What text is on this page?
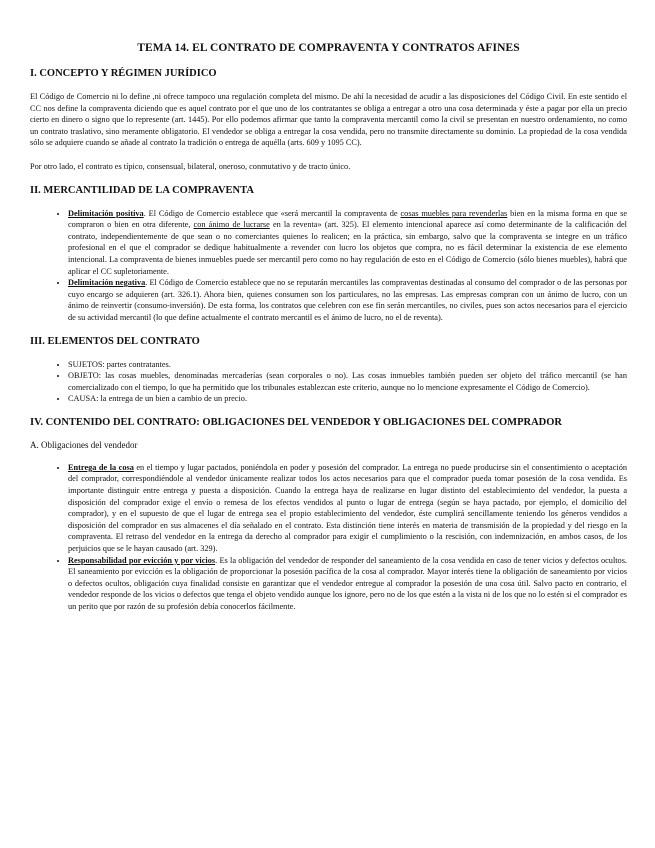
TEMA 14. EL CONTRATO DE COMPRAVENTA Y CONTRATOS AFINES
I. CONCEPTO Y RÉGIMEN JURÍDICO

El Código de Comercio ni lo define ,ni ofrece tampoco una regulación completa del mismo. De ahí la necesidad de acudir a las disposiciones del Código Civil. En este sentido el CC nos define la compraventa diciendo que es aquel contrato por el que uno de los contratantes se obliga a entregar a otro una cosa determinada y éste a pagar por ella un precio cierto en dinero o signo que lo represente (art. 1445). Por ello podemos afirmar que tanto la compraventa mercantil como la civil se presentan en nuestro ordenamiento, no como un contrato traslativo, sino meramente obligatorio. El vendedor se obliga a entregar la cosa vendida, pero no transmite directamente su dominio. La propiedad de la cosa vendida sólo se adquiere cuando se añade al contrato la tradición o entrega de aquélla (arts. 609 y 1095 CC).

Por otro lado, el contrato es típico, consensual, bilateral, oneroso, conmutativo y de tracto único.

II. MERCANTILIDAD DE LA COMPRAVENTA
• Delimitación positiva. El Código de Comercio establece que «será mercantil la compraventa de cosas muebles para revenderlas bien en la misma forma en que se compraron o bien en otra diferente, con ánimo de lucrarse en la reventa» (art. 325). El elemento intencional aparece así como determinante de la calificación del contrato, independientemente de que sean o no comerciantes quienes lo realicen; en la práctica, sin embargo, salvo que la compraventa se integre en un tráfico profesional en el que el comprador se dedique habitualmente a revender con lucro los objetos que compra, no es fácil determinar la existencia de ese elemento intencional. La compraventa de bienes inmuebles puede ser mercantil pero como no hay regulación de esto en el Código de Comercio (sólo bienes muebles), habrá que aplicar el CC supletoriamente.
• Delimitación negativa. El Código de Comercio establece que no se reputarán mercantiles las compraventas destinadas al consumo del comprador o de las personas por cuyo encargo se adquieren (art. 326.1). Ahora bien, quienes consumen son los particulares, no las empresas. Las empresas compran con un ánimo de lucro, con un ánimo de reinvertir (consumo-inversión). De esta forma, los contratos que celebren con ese fin serán mercantiles, no civiles, pues son actos necesarios para el ejercicio de su actividad mercantil (lo que define actualmente el contrato mercantil es el ánimo de lucro, no el de reventa).
III. ELEMENTOS DEL CONTRATO
• SUJETOS: partes contratantes.
• OBJETO: las cosas muebles, denominadas mercaderías (sean corporales o no). Las cosas inmuebles también pueden ser objeto del tráfico mercantil (se han comercializado con el tiempo, lo que ha permitido que los tribunales establezcan este criterio, aunque no lo mencione expresamente el Código de Comercio).
• CAUSA: la entrega de un bien a cambio de un precio.
IV. CONTENIDO DEL CONTRATO: OBLIGACIONES DEL VENDEDOR Y OBLIGACIONES DEL COMPRADOR

A. Obligaciones del vendedor

• Entrega de la cosa en el tiempo y lugar pactados, poniéndola en poder y posesión del comprador. La entrega no puede producirse sin el consentimiento o aceptación del comprador, correspondiéndole al vendedor únicamente realizar todos los actos necesarios para que el comprador pueda tomar posesión de la cosa vendida. Es importante distinguir entre entrega y puesta a disposición. Cuando la entrega haya de realizarse en lugar distinto del establecimiento del vendedor, la puesta a disposición del comprador exige el envío o remesa de los efectos vendidos al punto o lugar de entrega (según se haya pactado, por ejemplo, el domicilio del comprador), y en el supuesto de que el lugar de entrega sea el propio establecimiento del vendedor, éste cumplirá sencillamente teniendo los géneros vendidos a disposición del comprador en sus almacenes el día señalado en el contrato. Esta distinción tiene interés en materia de transmisión de la propiedad y del riesgo en la compraventa. El retraso del vendedor en la entrega da derecho al comprador para exigir el cumplimiento o la rescisión, con indemnización, en ambos casos, de los perjuicios que se le hayan causado (art. 329).
• Responsabilidad por evicción y por vicios. Es la obligación del vendedor de responder del saneamiento de la cosa vendida en caso de tener vicios y defectos ocultos. El saneamiento por evicción es la obligación de proporcionar la posesión pacífica de la cosa al comprador. Mayor interés tiene la obligación de saneamiento por vicios o defectos ocultos, obligación cuya finalidad consiste en garantizar que el vendedor entregue al comprador la posesión de una cosa útil. Salvo pacto en contrario, el vendedor responde de los vicios o defectos que tenga el objeto vendido aunque los ignore, pero no de los que estén a la vista ni de los que no lo estén si el comprador es un perito que por razón de su profesión debía conocerlos fácilmente.
